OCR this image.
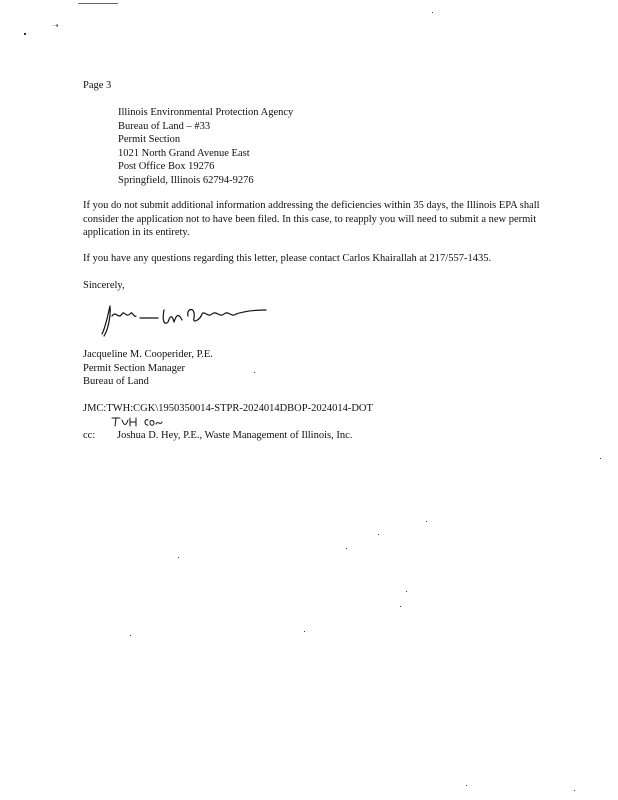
➝
Page 3
Illinois Environmental Protection Agency
Bureau of Land – #33
Permit Section
1021 North Grand Avenue East
Post Office Box 19276
Springfield, Illinois 62794-9276
If you do not submit additional information addressing the deficiencies within 35 days, the Illinois EPA shall consider the application not to have been filed. In this case, to reapply you will need to submit a new permit application in its entirety.
If you have any questions regarding this letter, please contact Carlos Khairallah at 217/557-1435.
Sincerely,
Jacqueline M. Cooperider, P.E.
Permit Section Manager
Bureau of Land
JMC:TWH:CGK\1950350014-STPR-2024014DBOP-2024014-DOT
cc: Joshua D. Hey, P.E., Waste Management of Illinois, Inc.
